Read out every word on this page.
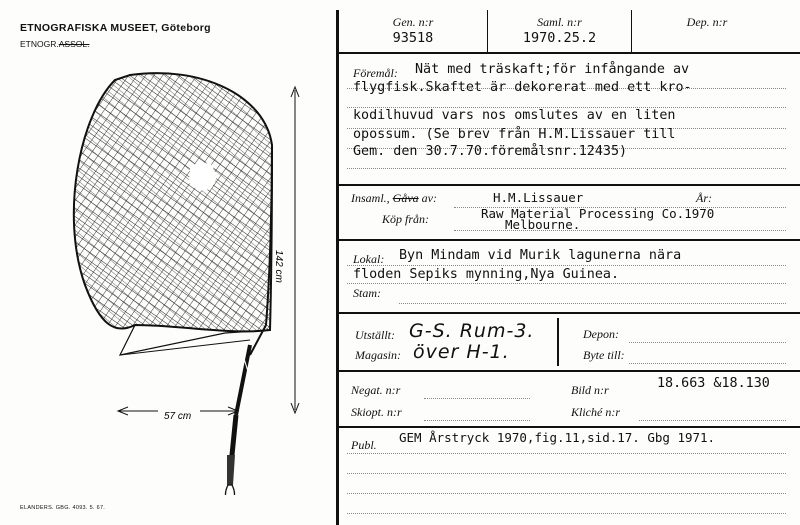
ETNOGRAFISKA MUSEET, Göteborg
ETNOGR.ASSOL.
142 cm
57 cm
ELANDERS. GBG. 4093. 5. 67.
Gen. n:r
93518
Saml. n:r
1970.25.2
Dep. n:r
Föremål: Nät med träskaft;för infångande av
flygfisk.Skaftet är dekorerat med ett kro-
kodilhuvud vars nos omslutes av en liten
opossum. (Se brev från H.M.Lissauer till
Gem. den 30.7.70.föremålsnr.12435)
Insaml., Gåva av:	H.M.Lissauer	År:
Köp från:	Raw Material Processing Co.1970
Melbourne.
Lokal: Byn Mindam vid Murik lagunerna nära
floden Sepiks mynning,Nya Guinea.
Stam:
Utställt: G-S. Rum-3.
Magasin: över H-1.
Depon:
Byte till:
Negat. n:r	Bild n:r	18.663 &18.130
Skiopt. n:r	Kliché n:r
Publ. GEM Årstryck 1970,fig.11,sid.17. Gbg 1971.
